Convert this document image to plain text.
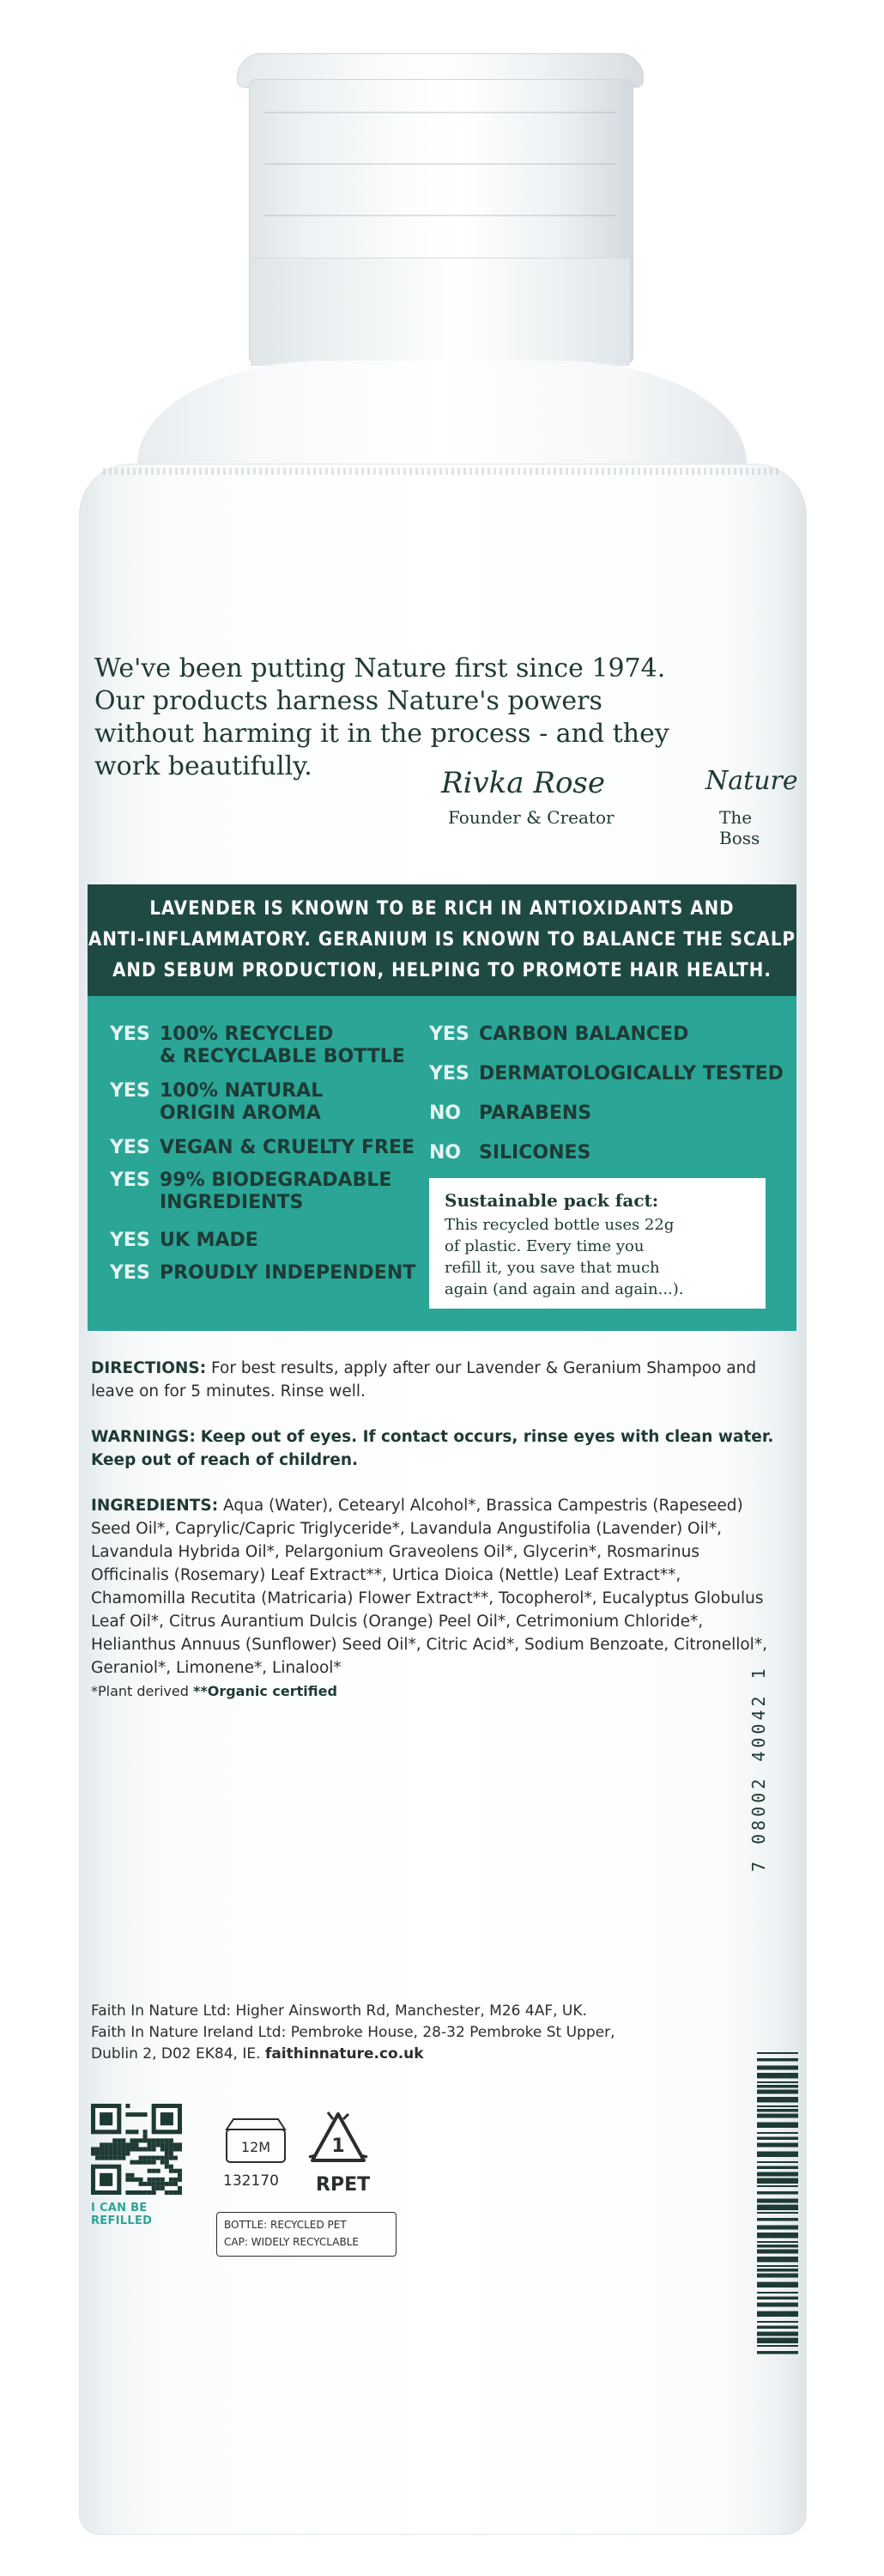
We've been putting Nature first since 1974.
Our products harness Nature's powers
without harming it in the process - and they
work beautifully.	Rivka Rose	Nature
Founder & Creator	The Boss
LAVENDER IS KNOWN TO BE RICH IN ANTIOXIDANTS AND
ANTI-INFLAMMATORY. GERANIUM IS KNOWN TO BALANCE THE SCALP
AND SEBUM PRODUCTION, HELPING TO PROMOTE HAIR HEALTH.
YES 100% RECYCLED
& RECYCLABLE BOTTLE
YES 100% NATURAL
ORIGIN AROMA
YES VEGAN & CRUELTY FREE
YES 99% BIODEGRADABLE
INGREDIENTS
YES UK MADE
YES PROUDLY INDEPENDENT
YES CARBON BALANCED
YES DERMATOLOGICALLY TESTED
NO PARABENS
NO SILICONES
Sustainable pack fact:
This recycled bottle uses 22g
of plastic. Every time you
refill it, you save that much
again (and again and again...).
DIRECTIONS: For best results, apply after our Lavender & Geranium Shampoo and leave on for 5 minutes. Rinse well.
WARNINGS: Keep out of eyes. If contact occurs, rinse eyes with clean water. Keep out of reach of children.
INGREDIENTS: Aqua (Water), Cetearyl Alcohol*, Brassica Campestris (Rapeseed) Seed Oil*, Caprylic/Capric Triglyceride*, Lavandula Angustifolia (Lavender) Oil*, Lavandula Hybrida Oil*, Pelargonium Graveolens Oil*, Glycerin*, Rosmarinus Officinalis (Rosemary) Leaf Extract**, Urtica Dioica (Nettle) Leaf Extract**, Chamomilla Recutita (Matricaria) Flower Extract**, Tocopherol*, Eucalyptus Globulus Leaf Oil*, Citrus Aurantium Dulcis (Orange) Peel Oil*, Cetrimonium Chloride*, Helianthus Annuus (Sunflower) Seed Oil*, Citric Acid*, Sodium Benzoate, Citronellol*, Geraniol*, Limonene*, Linalool*
*Plant derived **Organic certified
Faith In Nature Ltd: Higher Ainsworth Rd, Manchester, M26 4AF, UK.
Faith In Nature Ireland Ltd: Pembroke House, 28-32 Pembroke St Upper,
Dublin 2, D02 EK84, IE. faithinnature.co.uk
I CAN BE REFILLED
12M
132170
1
RPET
BOTTLE: RECYCLED PET
CAP: WIDELY RECYCLABLE
7 08002 40042 1
